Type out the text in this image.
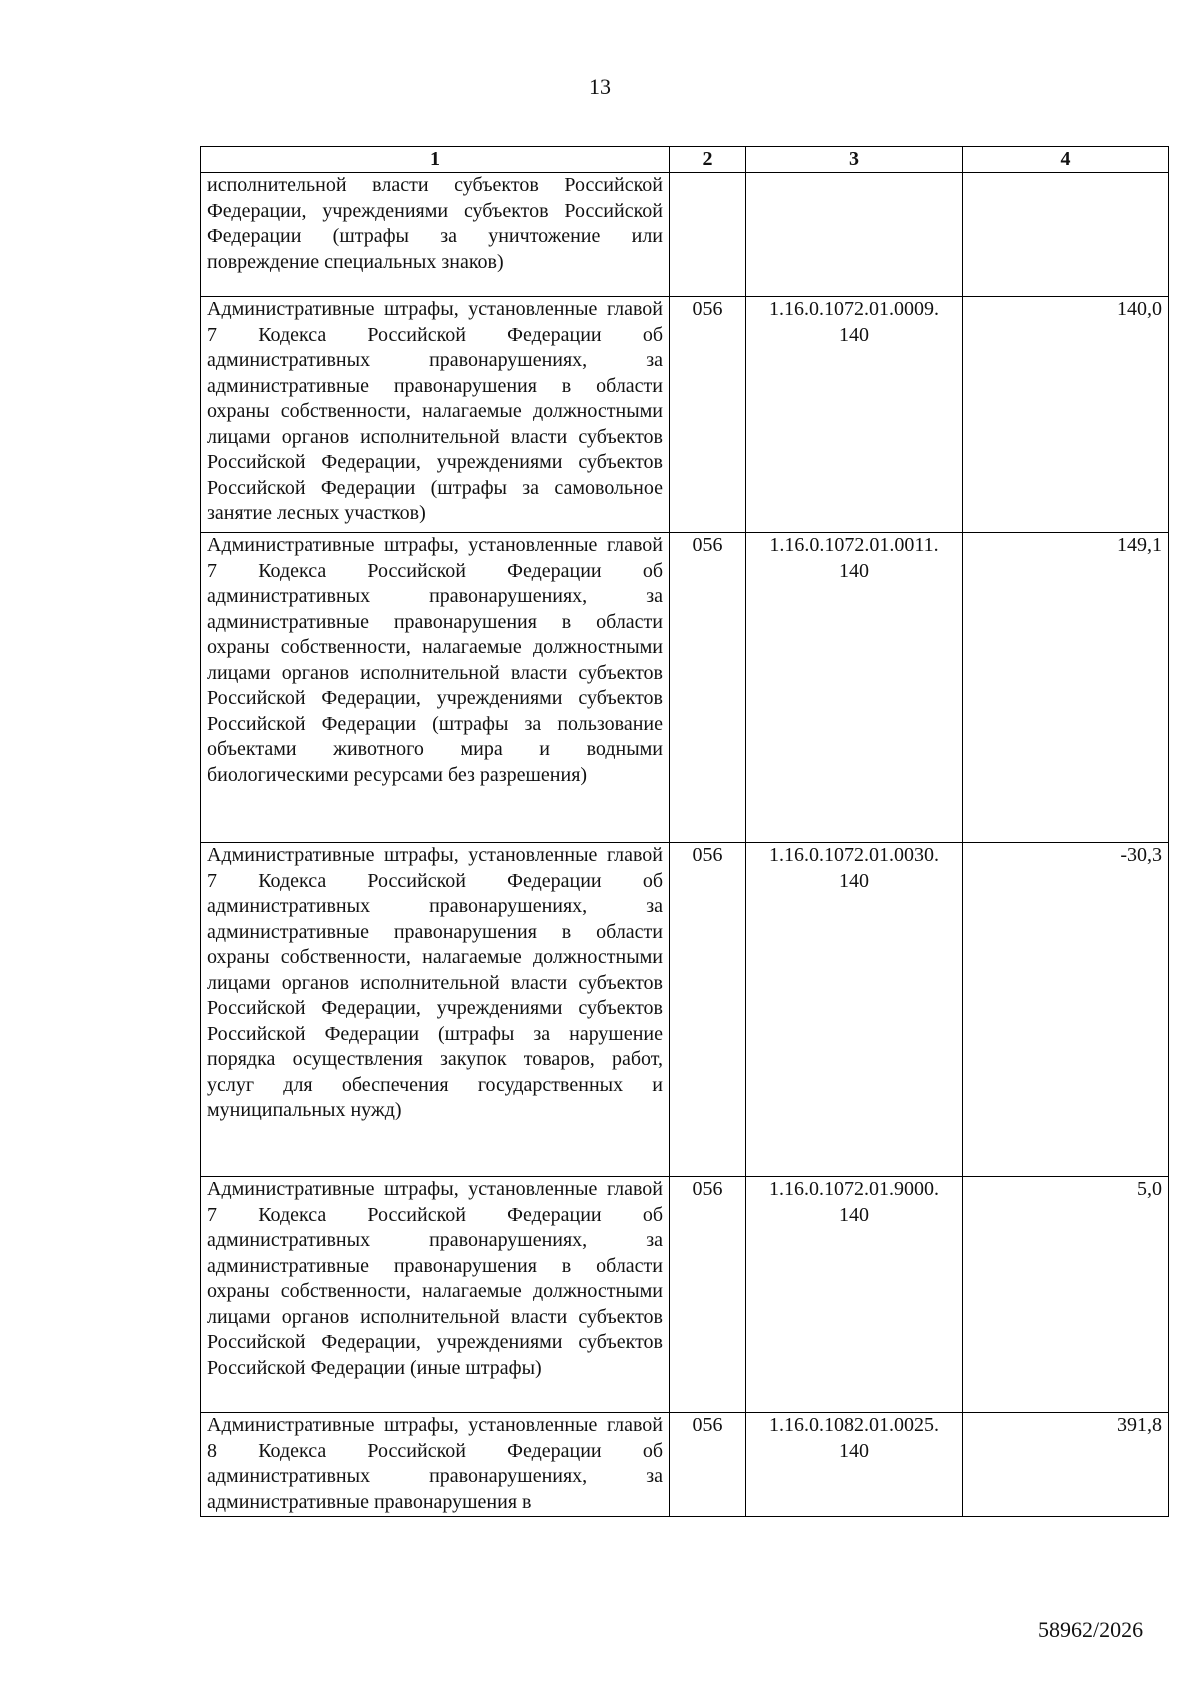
13
1	2	3	4
исполнительной власти субъектов Российской Федерации, учреждениями субъектов Российской Федерации (штрафы за уничтожение или повреждение специальных знаков)			
Административные штрафы, установленные главой 7 Кодекса Российской Федерации об административных правонарушениях, за административные правонарушения в области охраны собственности, налагаемые должностными лицами органов исполнительной власти субъектов Российской Федерации, учреждениями субъектов Российской Федерации (штрафы за самовольное занятие лесных участков)	056	1.16.0.1072.01.0009. 140	140,0
Административные штрафы, установленные главой 7 Кодекса Российской Федерации об административных правонарушениях, за административные правонарушения в области охраны собственности, налагаемые должностными лицами органов исполнительной власти субъектов Российской Федерации, учреждениями субъектов Российской Федерации (штрафы за пользование объектами животного мира и водными биологическими ресурсами без разрешения)	056	1.16.0.1072.01.0011. 140	149,1
Административные штрафы, установленные главой 7 Кодекса Российской Федерации об административных правонарушениях, за административные правонарушения в области охраны собственности, налагаемые должностными лицами органов исполнительной власти субъектов Российской Федерации, учреждениями субъектов Российской Федерации (штрафы за нарушение порядка осуществления закупок товаров, работ, услуг для обеспечения государственных и муниципальных нужд)	056	1.16.0.1072.01.0030. 140	-30,3
Административные штрафы, установленные главой 7 Кодекса Российской Федерации об административных правонарушениях, за административные правонарушения в области охраны собственности, налагаемые должностными лицами органов исполнительной власти субъектов Российской Федерации, учреждениями субъектов Российской Федерации (иные штрафы)	056	1.16.0.1072.01.9000. 140	5,0
Административные штрафы, установленные главой 8 Кодекса Российской Федерации об административных правонарушениях, за административные правонарушения в	056	1.16.0.1082.01.0025. 140	391,8
58962/2026
